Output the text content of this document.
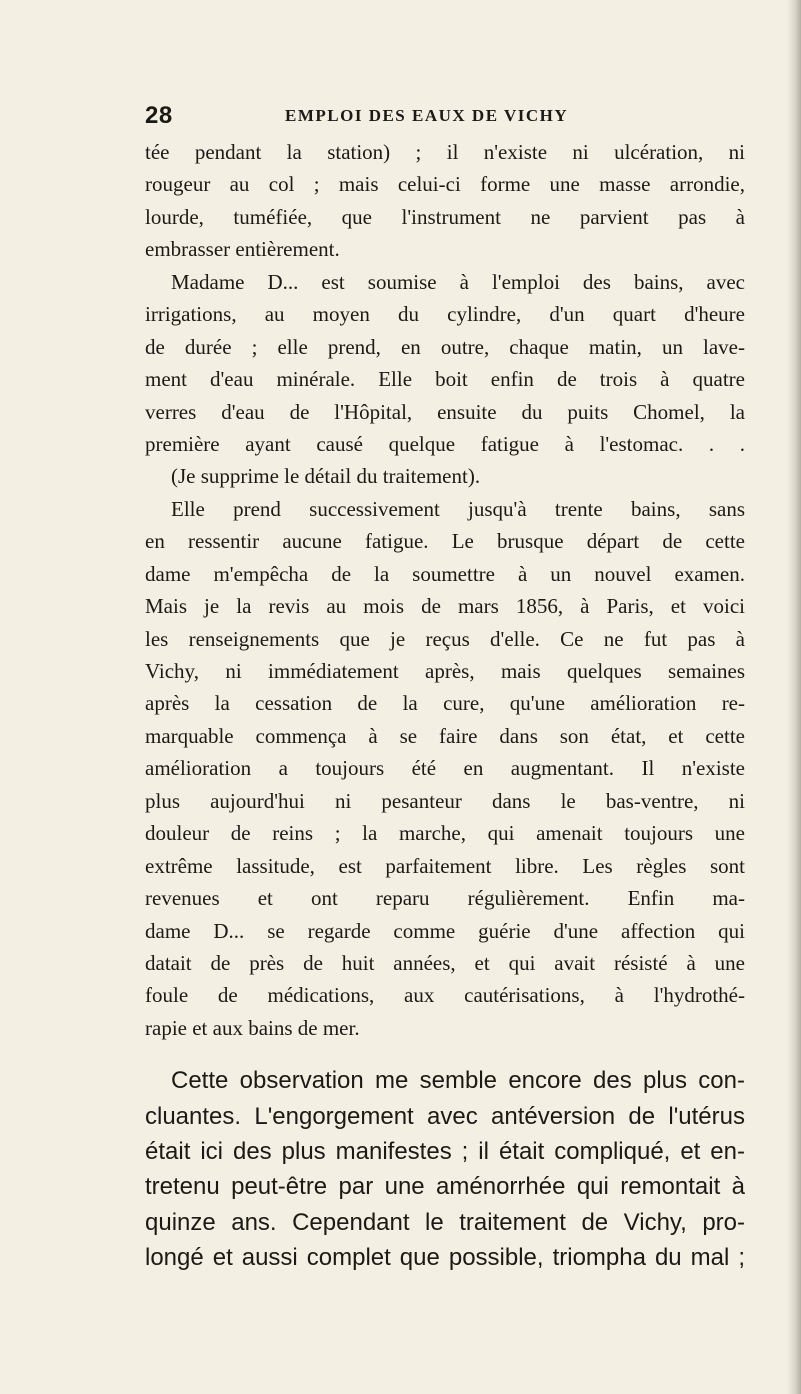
28	EMPLOI DES EAUX DE VICHY
tée pendant la station) ; il n'existe ni ulcération, ni
rougeur au col ; mais celui-ci forme une masse arrondie,
lourde, tuméfiée, que l'instrument ne parvient pas à
embrasser entièrement.
Madame D... est soumise à l'emploi des bains, avec
irrigations, au moyen du cylindre, d'un quart d'heure
de durée ; elle prend, en outre, chaque matin, un lave-
ment d'eau minérale. Elle boit enfin de trois à quatre
verres d'eau de l'Hôpital, ensuite du puits Chomel, la
première ayant causé quelque fatigue à l'estomac. . .
(Je supprime le détail du traitement).
Elle prend successivement jusqu'à trente bains, sans
en ressentir aucune fatigue. Le brusque départ de cette
dame m'empêcha de la soumettre à un nouvel examen.
Mais je la revis au mois de mars 1856, à Paris, et voici
les renseignements que je reçus d'elle. Ce ne fut pas à
Vichy, ni immédiatement après, mais quelques semaines
après la cessation de la cure, qu'une amélioration re-
marquable commença à se faire dans son état, et cette
amélioration a toujours été en augmentant. Il n'existe
plus aujourd'hui ni pesanteur dans le bas-ventre, ni
douleur de reins ; la marche, qui amenait toujours une
extrême lassitude, est parfaitement libre. Les règles sont
revenues et ont reparu régulièrement. Enfin ma-
dame D... se regarde comme guérie d'une affection qui
datait de près de huit années, et qui avait résisté à une
foule de médications, aux cautérisations, à l'hydrothé-
rapie et aux bains de mer.
Cette observation me semble encore des plus con-
cluantes. L'engorgement avec antéversion de l'utérus
était ici des plus manifestes ; il était compliqué, et en-
tretenu peut-être par une aménorrhée qui remontait à
quinze ans. Cependant le traitement de Vichy, pro-
longé et aussi complet que possible, triompha du mal ;
